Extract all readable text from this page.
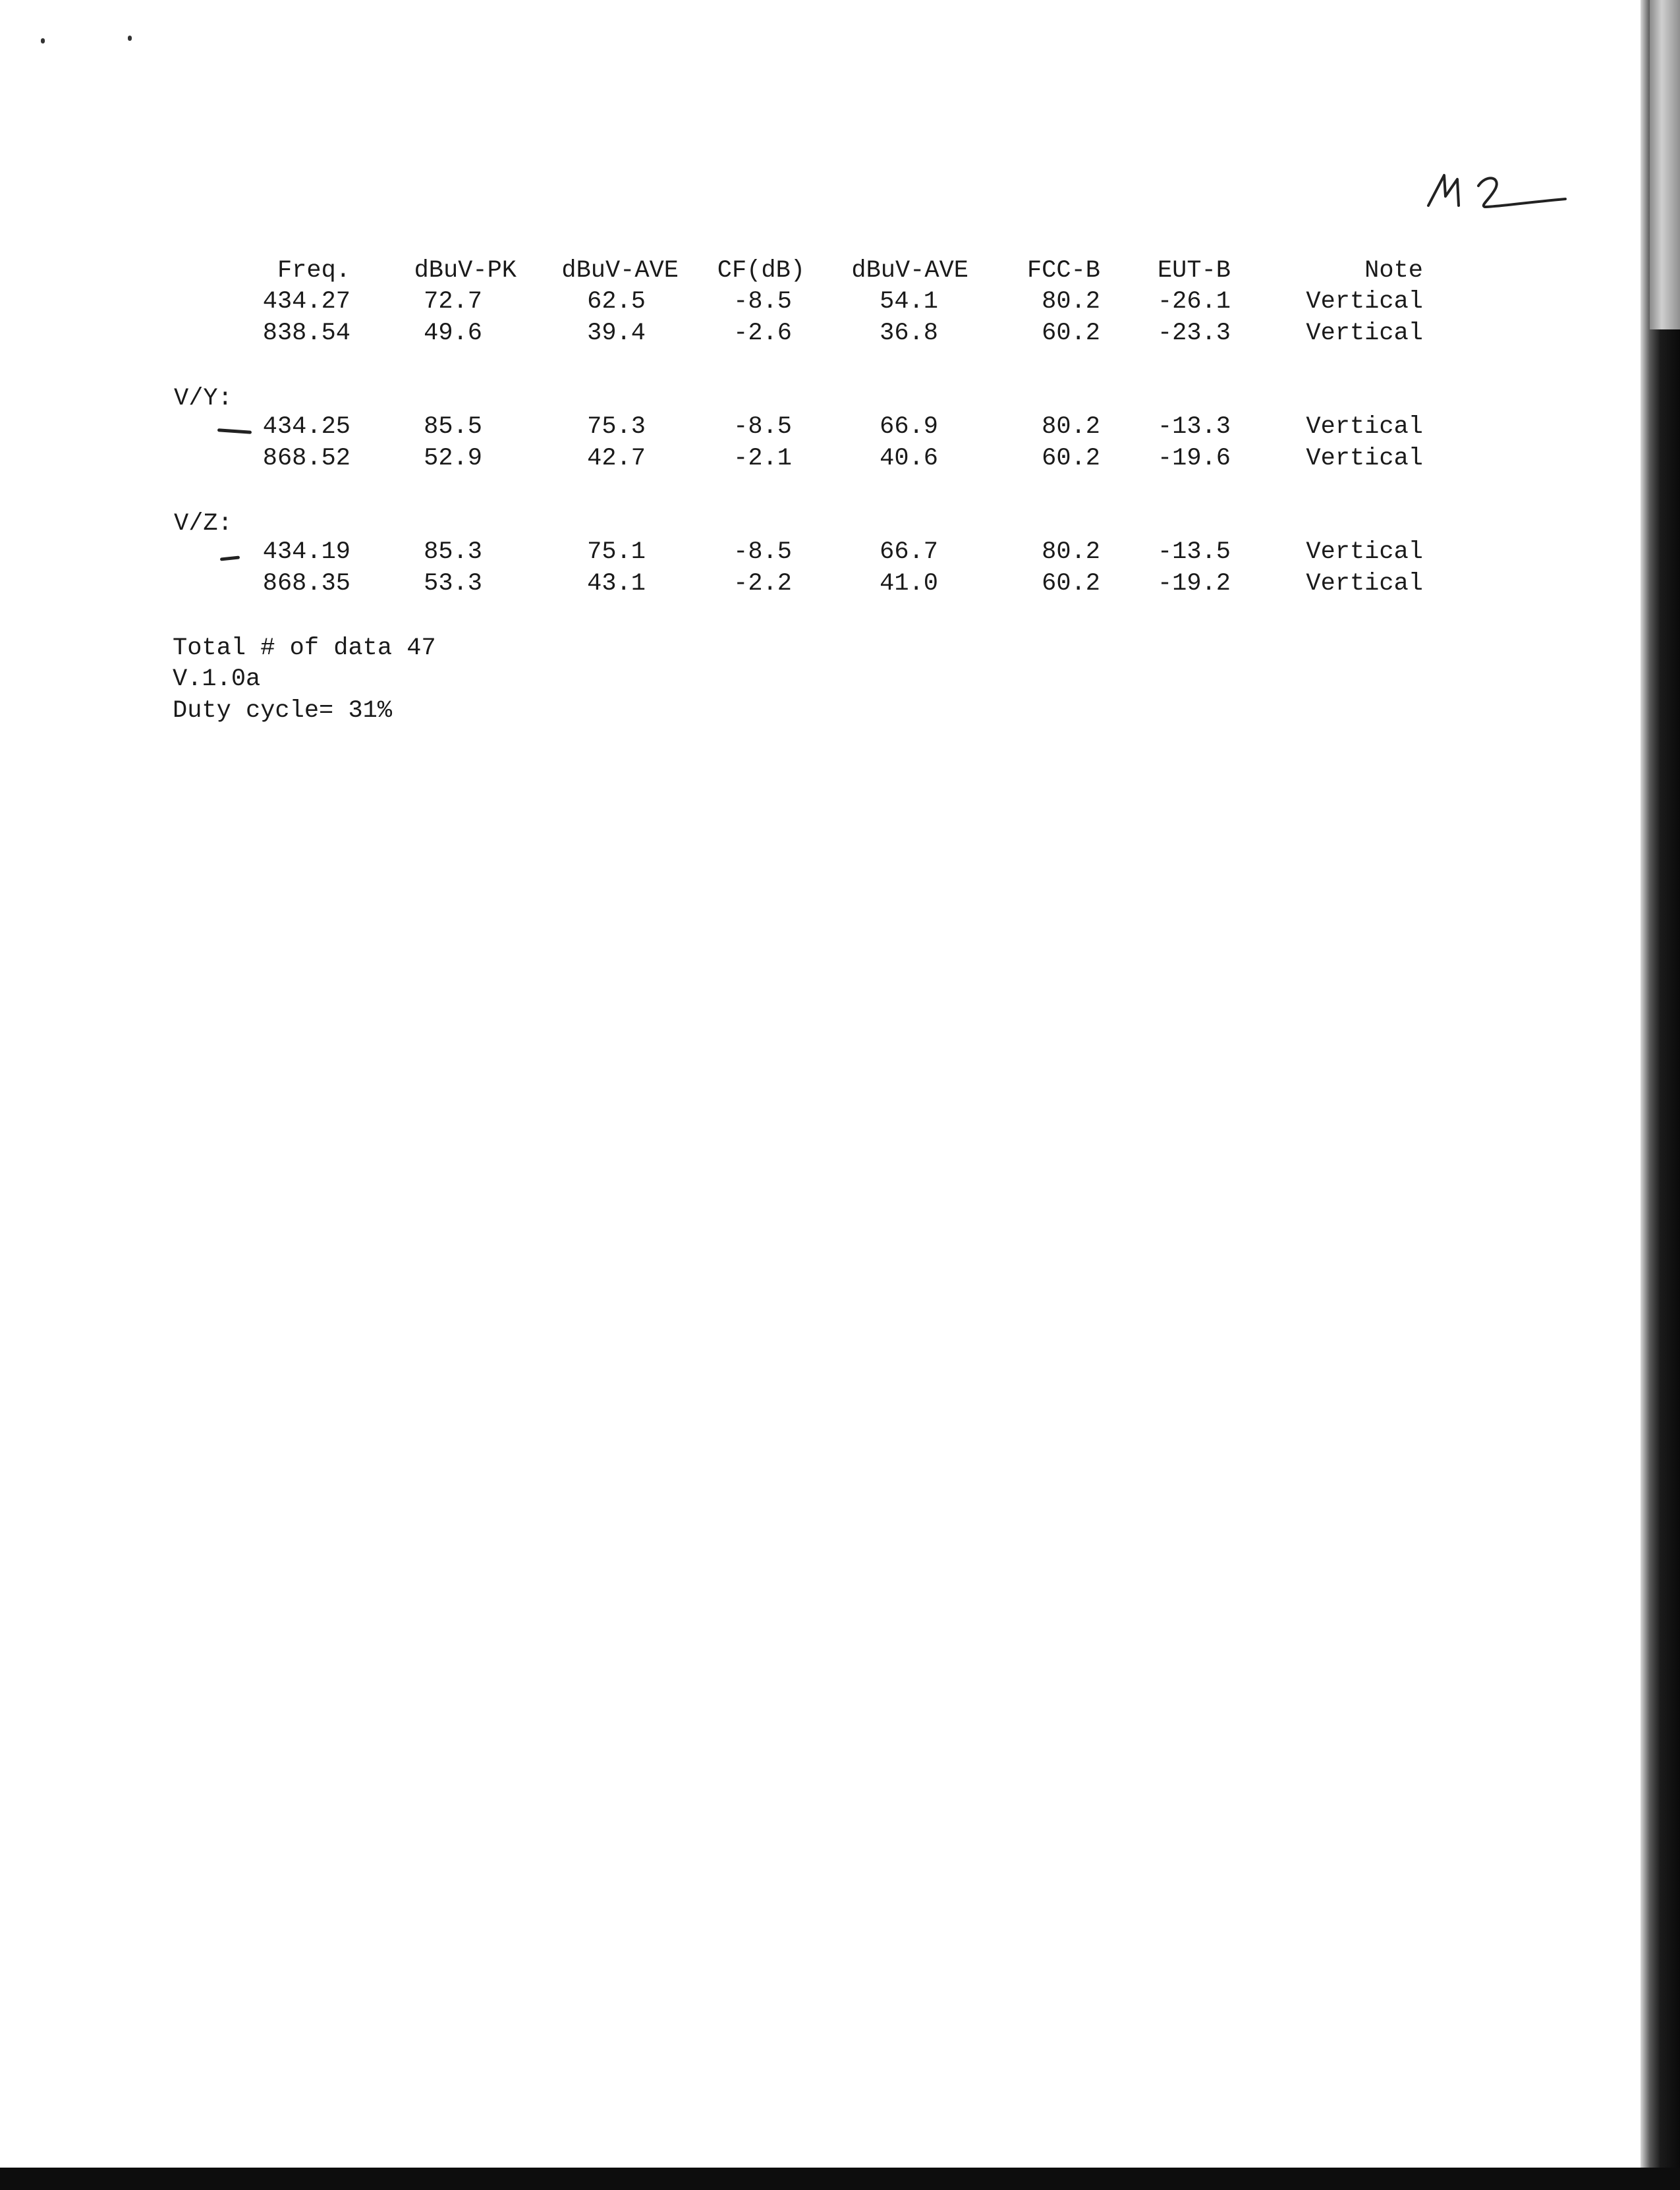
Freq.	dBuV-PK	dBuV-AVE	CF(dB)	dBuV-AVE	FCC-B	EUT-B	Note
434.27	72.7	62.5	-8.5	54.1	80.2	-26.1	Vertical
838.54	49.6	39.4	-2.6	36.8	60.2	-23.3	Vertical
V/Y:
434.25	85.5	75.3	-8.5	66.9	80.2	-13.3	Vertical
868.52	52.9	42.7	-2.1	40.6	60.2	-19.6	Vertical
V/Z:
434.19	85.3	75.1	-8.5	66.7	80.2	-13.5	Vertical
868.35	53.3	43.1	-2.2	41.0	60.2	-19.2	Vertical
Total # of data 47
V.1.0a
Duty cycle= 31%
